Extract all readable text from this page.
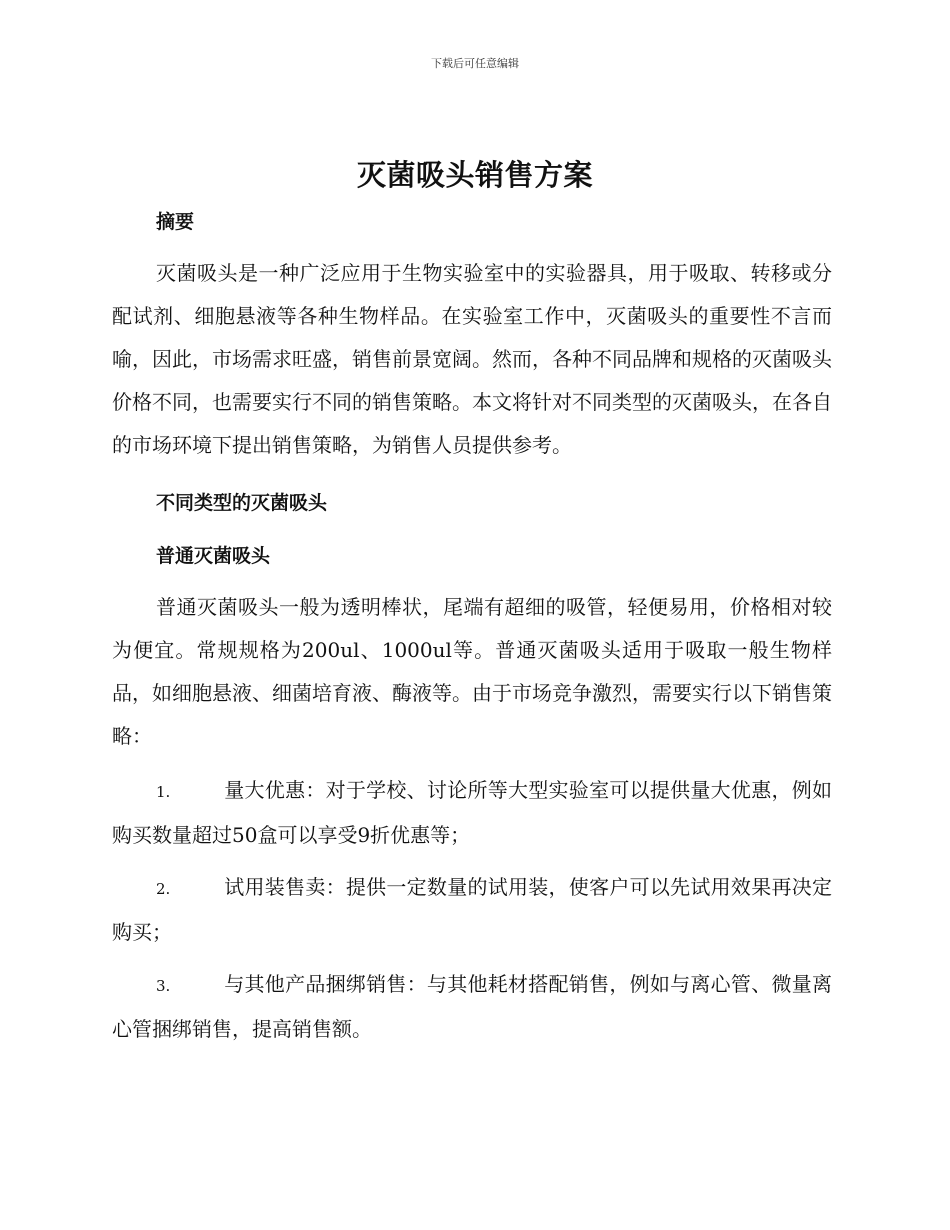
下载后可任意编辑
灭菌吸头销售方案
摘要

灭菌吸头是一种广泛应用于生物实验室中的实验器具，用于吸取、转移或分配试剂、细胞悬液等各种生物样品。在实验室工作中，灭菌吸头的重要性不言而喻，因此，市场需求旺盛，销售前景宽阔。然而，各种不同品牌和规格的灭菌吸头价格不同，也需要实行不同的销售策略。本文将针对不同类型的灭菌吸头，在各自的市场环境下提出销售策略，为销售人员提供参考。

不同类型的灭菌吸头
普通灭菌吸头

普通灭菌吸头一般为透明棒状，尾端有超细的吸管，轻便易用，价格相对较为便宜。常规规格为200ul、1000ul等。普通灭菌吸头适用于吸取一般生物样品，如细胞悬液、细菌培育液、酶液等。由于市场竞争激烈，需要实行以下销售策略：

1.	量大优惠：对于学校、讨论所等大型实验室可以提供量大优惠，例如购买数量超过50盒可以享受9折优惠等；

2.	试用装售卖：提供一定数量的试用装，使客户可以先试用效果再决定购买；

3.	与其他产品捆绑销售：与其他耗材搭配销售，例如与离心管、微量离心管捆绑销售，提高销售额。
